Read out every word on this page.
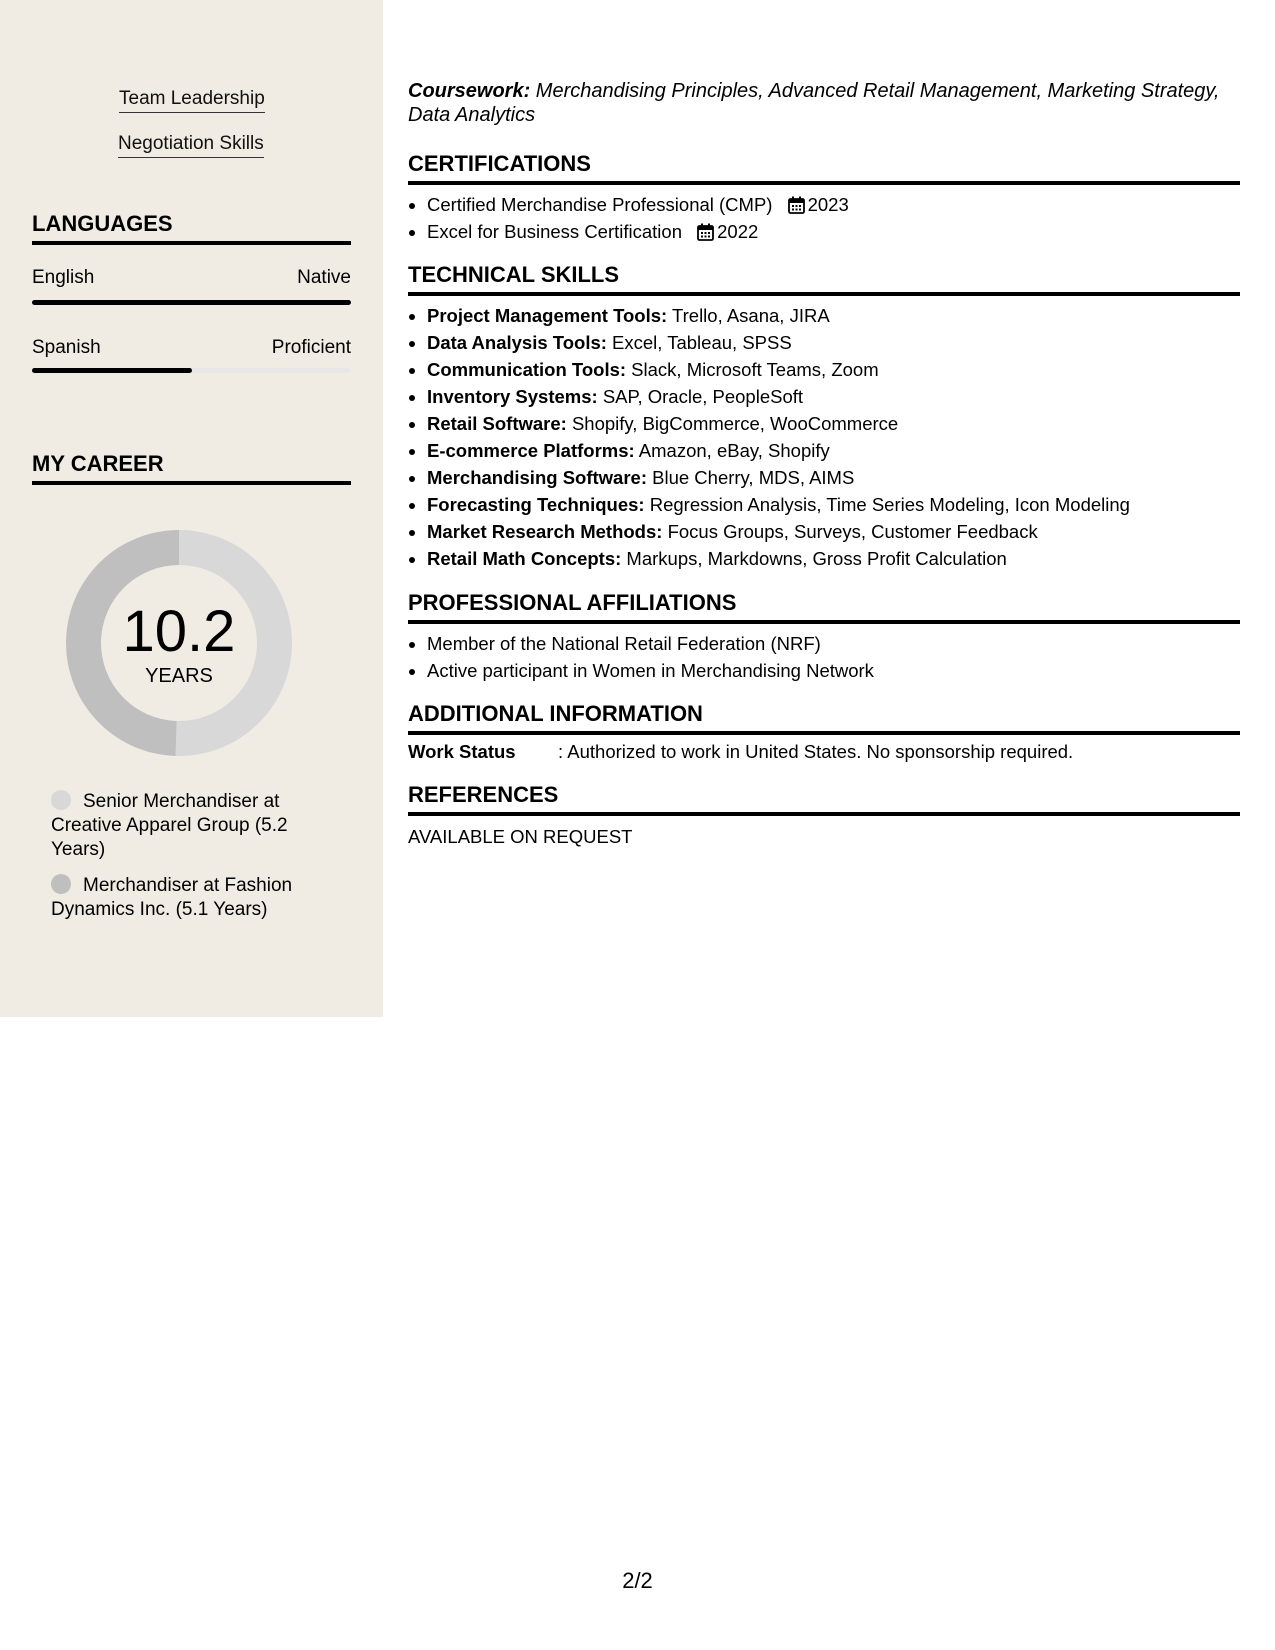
Team Leadership
Negotiation Skills
LANGUAGES
English	Native
Spanish	Proficient
MY CAREER
10.2
YEARS
Senior Merchandiser at Creative Apparel Group (5.2 Years)
Merchandiser at Fashion Dynamics Inc. (5.1 Years)
Coursework: Merchandising Principles, Advanced Retail Management, Marketing Strategy, Data Analytics
CERTIFICATIONS
• Certified Merchandise Professional (CMP) 2023
• Excel for Business Certification 2022
TECHNICAL SKILLS
• Project Management Tools: Trello, Asana, JIRA
• Data Analysis Tools: Excel, Tableau, SPSS
• Communication Tools: Slack, Microsoft Teams, Zoom
• Inventory Systems: SAP, Oracle, PeopleSoft
• Retail Software: Shopify, BigCommerce, WooCommerce
• E-commerce Platforms: Amazon, eBay, Shopify
• Merchandising Software: Blue Cherry, MDS, AIMS
• Forecasting Techniques: Regression Analysis, Time Series Modeling, Icon Modeling
• Market Research Methods: Focus Groups, Surveys, Customer Feedback
• Retail Math Concepts: Markups, Markdowns, Gross Profit Calculation
PROFESSIONAL AFFILIATIONS
• Member of the National Retail Federation (NRF)
• Active participant in Women in Merchandising Network
ADDITIONAL INFORMATION
Work Status : Authorized to work in United States. No sponsorship required.
REFERENCES
AVAILABLE ON REQUEST
2/2
